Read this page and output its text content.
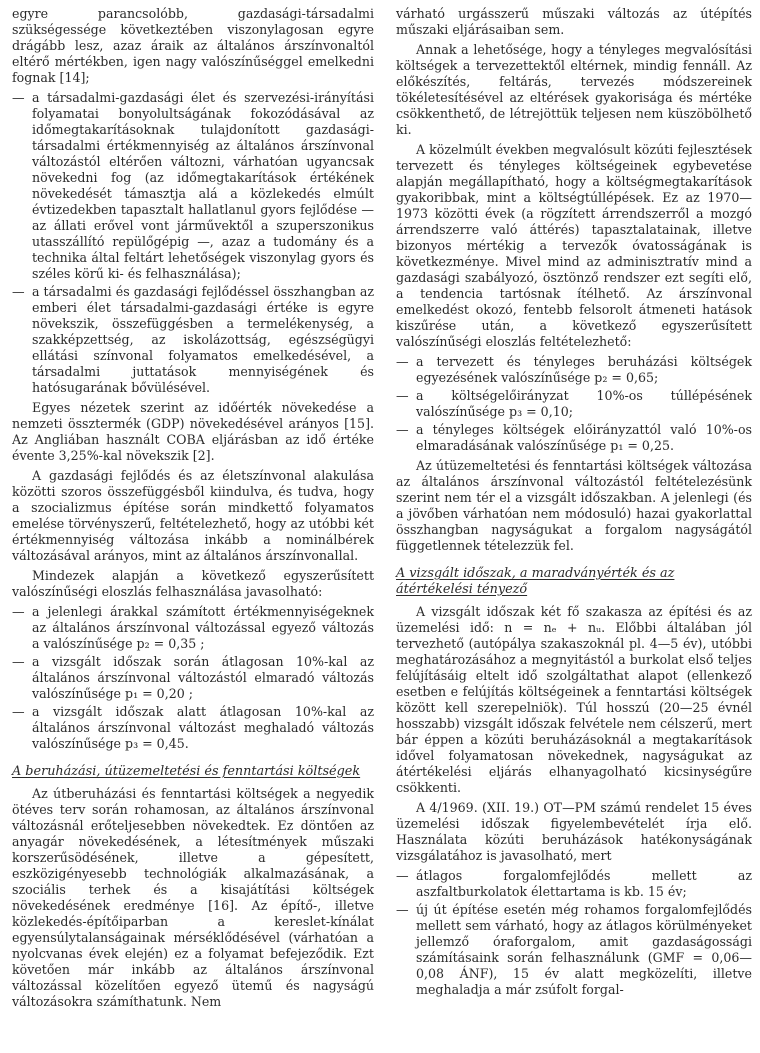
egyre parancsolóbb, gazdasági-társadalmi szükségessége következtében viszonylagosan egyre drágább lesz, azaz áraik az általános árszínvonaltól eltérő mértékben, igen nagy valószínűséggel emelkedni fognak [14];

— a társadalmi-gazdasági élet és szervezési-irányítási folyamatai bonyolultságának fokozódásával az időmegtakarításoknak tulajdonított gazdasági-társadalmi értékmennyiség az általános árszínvonal változástól eltérően változni, várhatóan ugyancsak növekedni fog (az időmegtakarítások értékének növekedését támasztja alá a közlekedés elmúlt évtizedekben tapasztalt hallatlanul gyors fejlődése — az állati erővel vont járművektől a szuperszonikus utasszállító repülőgépig —, azaz a tudomány és a technika által feltárt lehetőségek viszonylag gyors és széles körű ki- és felhasználása);
— a társadalmi és gazdasági fejlődéssel összhangban az emberi élet társadalmi-gazdasági értéke is egyre növekszik, összefüggésben a termelékenység, a szakképzettség, az iskolázottság, egészségügyi ellátási színvonal folyamatos emelkedésével, a társadalmi juttatások mennyiségének és hatósugarának bővülésével.

Egyes nézetek szerint az időérték növekedése a nemzeti össztermék (GDP) növekedésével arányos [15]. Az Angliában használt COBA eljárásban az idő értéke évente 3,25%-kal növekszik [2].

A gazdasági fejlődés és az életszínvonal alakulása közötti szoros összefüggésből kiindulva, és tudva, hogy a szocializmus építése során mindkettő folyamatos emelése törvényszerű, feltételezhető, hogy az utóbbi két értékmennyiség változása inkább a nominálbérek változásával arányos, mint az általános árszínvonallal.

Mindezek alapján a következő egyszerűsített valószínűségi eloszlás felhasználása javasolható:

— a jelenlegi árakkal számított értékmennyiségeknek az általános árszínvonal változással egyező változás a valószínűsége p₂ = 0,35 ;
— a vizsgált időszak során átlagosan 10%-kal az általános árszínvonal változástól elmaradó változás valószínűsége p₁ = 0,20 ;
— a vizsgált időszak alatt átlagosan 10%-kal az általános árszínvonal változást meghaladó változás valószínűsége p₃ = 0,45.
A beruházási, útüzemeltetési és fenntartási költségek

Az útberuházási és fenntartási költségek a negyedik ötéves terv során rohamosan, az általános árszínvonal változásnál erőteljesebben növekedtek. Ez döntően az anyagár növekedésének, a létesítmények műszaki korszerűsödésének, illetve a gépesített, eszközigényesebb technológiák alkalmazásának, a szociális terhek és a kisajátítási költségek növekedésének eredménye [16]. Az építő-, illetve közlekedés-építőiparban a kereslet-kínálat egyensúlytalanságainak mérséklődésével (várhatóan a nyolcvanas évek elején) ez a folyamat befejeződik. Ezt követően már inkább az általános árszínvonal változással közelítően egyező ütemű és nagyságú változásokra számíthatunk. Nem

várható urgásszerű műszaki változás az útépítés műszaki eljárásaiban sem.

Annak a lehetősége, hogy a tényleges megvalósítási költségek a tervezettektől eltérnek, mindig fennáll. Az előkészítés, feltárás, tervezés módszereinek tökéletesítésével az eltérések gyakorisága és mértéke csökkenthető, de létrejöttük teljesen nem küszöbölhető ki.

A közelmúlt években megvalósult közúti fejlesztések tervezett és tényleges költségeinek egybevetése alapján megállapítható, hogy a költségmegtakarítások gyakoribbak, mint a költségtúllépések. Ez az 1970—1973 közötti évek (a rögzített árrendszerről a mozgó árrendszerre való áttérés) tapasztalatainak, illetve bizonyos mértékig a tervezők óvatosságának is következménye. Mivel mind az adminisztratív mind a gazdasági szabályozó, ösztönző rendszer ezt segíti elő, a tendencia tartósnak ítélhető. Az árszínvonal emelkedést okozó, fentebb felsorolt átmeneti hatások kiszűrése után, a következő egyszerűsített valószínűségi eloszlás feltételezhető:

— a tervezett és tényleges beruházási költségek egyezésének valószínűsége p₂ = 0,65;
— a költségelőirányzat 10%-os túllépésének valószínűsége p₃ = 0,10;
— a tényleges költségek előirányzattól való 10%-os elmaradásának valószínűsége p₁ = 0,25.

Az útüzemeltetési és fenntartási költségek változása az általános árszínvonal változástól feltételezésünk szerint nem tér el a vizsgált időszakban. A jelenlegi (és a jövőben várhatóan nem módosuló) hazai gyakorlattal összhangban nagyságukat a forgalom nagyságától függetlennek tételezzük fel.

A vizsgált időszak, a maradványérték és az átértékelési tényező

A vizsgált időszak két fő szakasza az építési és az üzemelési idő: n = nₑ + nᵤ. Előbbi általában jól tervezhető (autópálya szakaszoknál pl. 4—5 év), utóbbi meghatározásához a megnyitástól a burkolat első teljes felújításáig eltelt idő szolgáltathat alapot (ellenkező esetben e felújítás költségeinek a fenntartási költségek között kell szerepelniök). Túl hosszú (20—25 évnél hosszabb) vizsgált időszak felvétele nem célszerű, mert bár éppen a közúti beruházásoknál a megtakarítások idővel folyamatosan növekednek, nagyságukat az átértékelési eljárás elhanyagolható kicsinységűre csökkenti.

A 4/1969. (XII. 19.) OT—PM számú rendelet 15 éves üzemelési időszak figyelembevételét írja elő. Használata közúti beruházások hatékonyságának vizsgálatához is javasolható, mert

— átlagos forgalomfejlődés mellett az aszfaltburkolatok élettartama is kb. 15 év;
— új út építése esetén még rohamos forgalomfejlődés mellett sem várható, hogy az átlagos körülményeket jellemző óraforgalom, amit gazdaságossági számításaink során felhasználunk (GMF = 0,06—0,08 ÁNF), 15 év alatt megközelíti, illetve meghaladja a már zsúfolt forgal-
